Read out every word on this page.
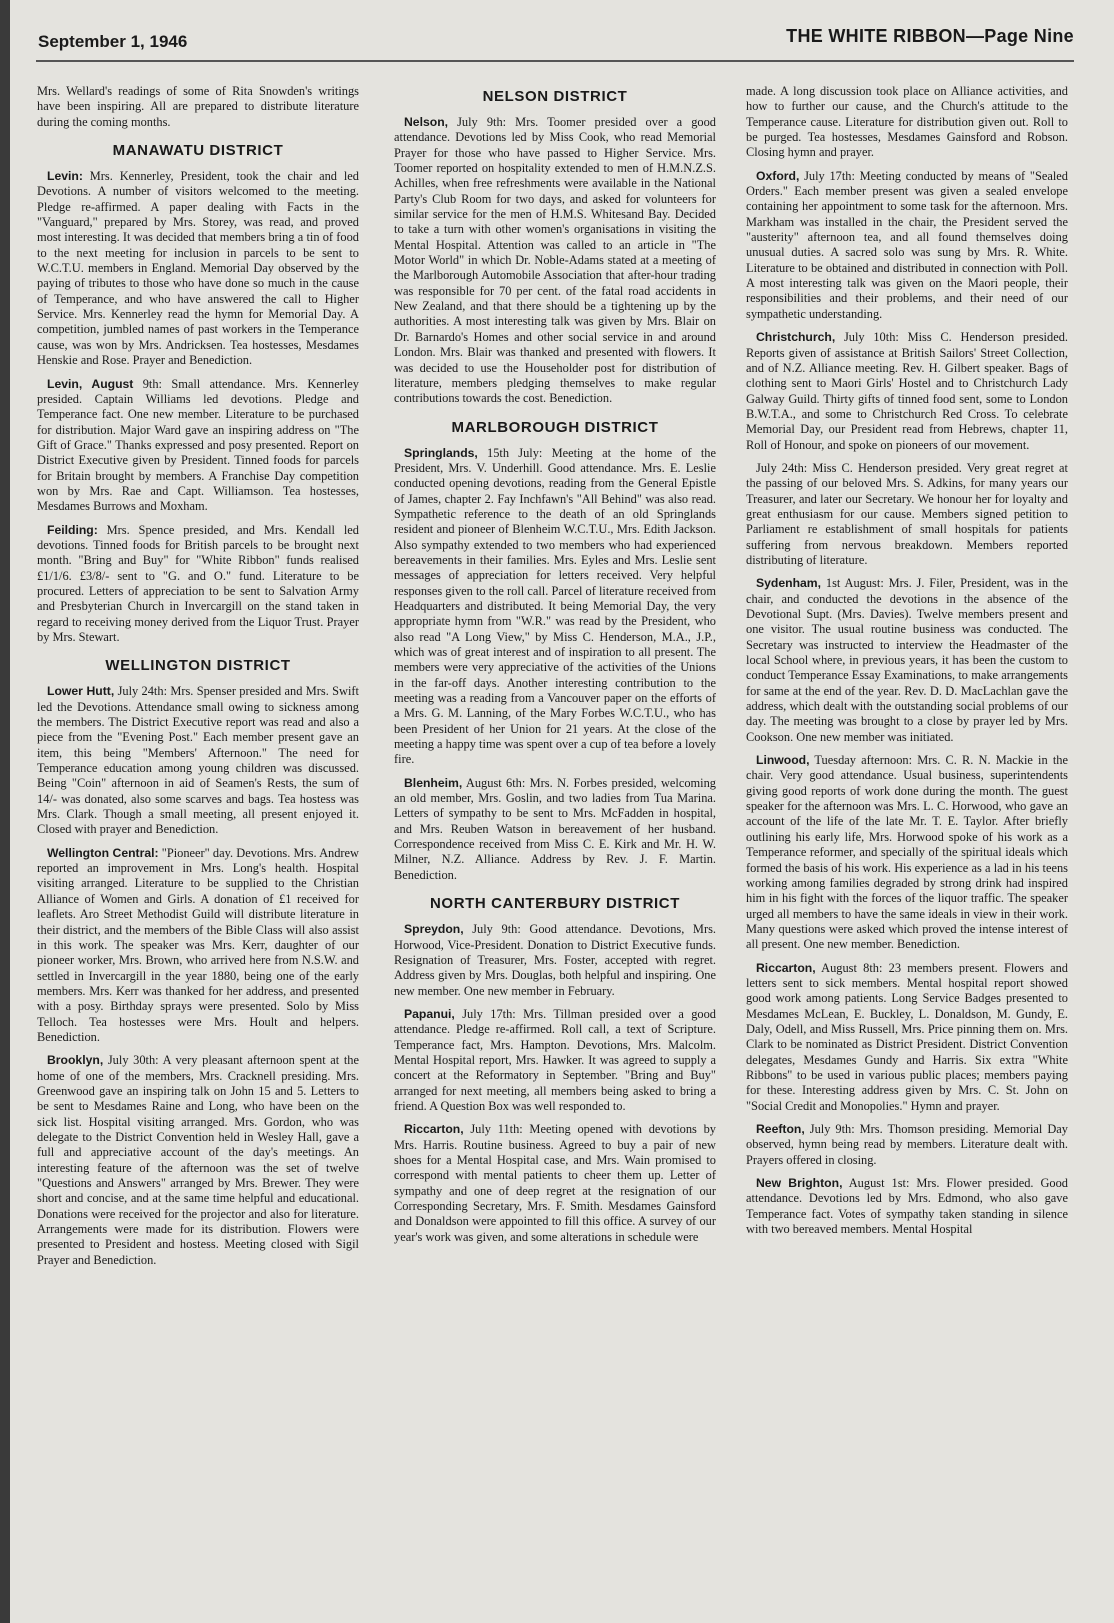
September 1, 1946	THE WHITE RIBBON—Page Nine

Mrs. Wellard's readings of some of Rita Snowden's writings have been inspiring. All are prepared to distribute literature during the coming months.

MANAWATU DISTRICT

Levin: Mrs. Kennerley, President, took the chair and led Devotions. A number of visitors welcomed to the meeting. Pledge re-affirmed. A paper dealing with Facts in the "Vanguard," prepared by Mrs. Storey, was read, and proved most interesting. It was decided that members bring a tin of food to the next meeting for inclusion in parcels to be sent to W.C.T.U. members in England. Memorial Day observed by the paying of tributes to those who have done so much in the cause of Temperance, and who have answered the call to Higher Service. Mrs. Kennerley read the hymn for Memorial Day. A competition, jumbled names of past workers in the Temperance cause, was won by Mrs. Andricksen. Tea hostesses, Mesdames Henskie and Rose. Prayer and Benediction.

Levin, August 9th: Small attendance. Mrs. Kennerley presided. Captain Williams led devotions. Pledge and Temperance fact. One new member. Literature to be purchased for distribution. Major Ward gave an inspiring address on "The Gift of Grace." Thanks expressed and posy presented. Report on District Executive given by President. Tinned foods for parcels for Britain brought by members. A Franchise Day competition won by Mrs. Rae and Capt. Williamson. Tea hostesses, Mesdames Burrows and Moxham.

Feilding: Mrs. Spence presided, and Mrs. Kendall led devotions. Tinned foods for British parcels to be brought next month. "Bring and Buy" for "White Ribbon" funds realised £1/1/6. £3/8/- sent to "G. and O." fund. Literature to be procured. Letters of appreciation to be sent to Salvation Army and Presbyterian Church in Invercargill on the stand taken in regard to receiving money derived from the Liquor Trust. Prayer by Mrs. Stewart.

WELLINGTON DISTRICT

Lower Hutt, July 24th: Mrs. Spenser presided and Mrs. Swift led the Devotions. Attendance small owing to sickness among the members. The District Executive report was read and also a piece from the "Evening Post." Each member present gave an item, this being "Members' Afternoon." The need for Temperance education among young children was discussed. Being "Coin" afternoon in aid of Seamen's Rests, the sum of 14/- was donated, also some scarves and bags. Tea hostess was Mrs. Clark. Though a small meeting, all present enjoyed it. Closed with prayer and Benediction.

Wellington Central: "Pioneer" day. Devotions. Mrs. Andrew reported an improvement in Mrs. Long's health. Hospital visiting arranged. Literature to be supplied to the Christian Alliance of Women and Girls. A donation of £1 received for leaflets. Aro Street Methodist Guild will distribute literature in their district, and the members of the Bible Class will also assist in this work. The speaker was Mrs. Kerr, daughter of our pioneer worker, Mrs. Brown, who arrived here from N.S.W. and settled in Invercargill in the year 1880, being one of the early members. Mrs. Kerr was thanked for her address, and presented with a posy. Birthday sprays were presented. Solo by Miss Telloch. Tea hostesses were Mrs. Hoult and helpers. Benediction.

Brooklyn, July 30th: A very pleasant afternoon spent at the home of one of the members, Mrs. Cracknell presiding. Mrs. Greenwood gave an inspiring talk on John 15 and 5. Letters to be sent to Mesdames Raine and Long, who have been on the sick list. Hospital visiting arranged. Mrs. Gordon, who was delegate to the District Convention held in Wesley Hall, gave a full and appreciative account of the day's meetings. An interesting feature of the afternoon was the set of twelve "Questions and Answers" arranged by Mrs. Brewer. They were short and concise, and at the same time helpful and educational. Donations were received for the projector and also for literature. Arrangements were made for its distribution. Flowers were presented to President and hostess. Meeting closed with Sigil Prayer and Benediction.

NELSON DISTRICT

Nelson, July 9th: Mrs. Toomer presided over a good attendance. Devotions led by Miss Cook, who read Memorial Prayer for those who have passed to Higher Service. Mrs. Toomer reported on hospitality extended to men of H.M.N.Z.S. Achilles, when free refreshments were available in the National Party's Club Room for two days, and asked for volunteers for similar service for the men of H.M.S. Whitesand Bay. Decided to take a turn with other women's organisations in visiting the Mental Hospital. Attention was called to an article in "The Motor World" in which Dr. Noble-Adams stated at a meeting of the Marlborough Automobile Association that after-hour trading was responsible for 70 per cent. of the fatal road accidents in New Zealand, and that there should be a tightening up by the authorities. A most interesting talk was given by Mrs. Blair on Dr. Barnardo's Homes and other social service in and around London. Mrs. Blair was thanked and presented with flowers. It was decided to use the Householder post for distribution of literature, members pledging themselves to make regular contributions towards the cost. Benediction.

MARLBOROUGH DISTRICT

Springlands, 15th July: Meeting at the home of the President, Mrs. V. Underhill. Good attendance. Mrs. E. Leslie conducted opening devotions, reading from the General Epistle of James, chapter 2. Fay Inchfawn's "All Behind" was also read. Sympathetic reference to the death of an old Springlands resident and pioneer of Blenheim W.C.T.U., Mrs. Edith Jackson. Also sympathy extended to two members who had experienced bereavements in their families. Mrs. Eyles and Mrs. Leslie sent messages of appreciation for letters received. Very helpful responses given to the roll call. Parcel of literature received from Headquarters and distributed. It being Memorial Day, the very appropriate hymn from "W.R." was read by the President, who also read "A Long View," by Miss C. Henderson, M.A., J.P., which was of great interest and of inspiration to all present. The members were very appreciative of the activities of the Unions in the far-off days. Another interesting contribution to the meeting was a reading from a Vancouver paper on the efforts of a Mrs. G. M. Lanning, of the Mary Forbes W.C.T.U., who has been President of her Union for 21 years. At the close of the meeting a happy time was spent over a cup of tea before a lovely fire.

Blenheim, August 6th: Mrs. N. Forbes presided, welcoming an old member, Mrs. Goslin, and two ladies from Tua Marina. Letters of sympathy to be sent to Mrs. McFadden in hospital, and Mrs. Reuben Watson in bereavement of her husband. Correspondence received from Miss C. E. Kirk and Mr. H. W. Milner, N.Z. Alliance. Address by Rev. J. F. Martin. Benediction.

NORTH CANTERBURY DISTRICT

Spreydon, July 9th: Good attendance. Devotions, Mrs. Horwood, Vice-President. Donation to District Executive funds. Resignation of Treasurer, Mrs. Foster, accepted with regret. Address given by Mrs. Douglas, both helpful and inspiring. One new member. One new member in February.

Papanui, July 17th: Mrs. Tillman presided over a good attendance. Pledge re-affirmed. Roll call, a text of Scripture. Temperance fact, Mrs. Hampton. Devotions, Mrs. Malcolm. Mental Hospital report, Mrs. Hawker. It was agreed to supply a concert at the Reformatory in September. "Bring and Buy" arranged for next meeting, all members being asked to bring a friend. A Question Box was well responded to.

Riccarton, July 11th: Meeting opened with devotions by Mrs. Harris. Routine business. Agreed to buy a pair of new shoes for a Mental Hospital case, and Mrs. Wain promised to correspond with mental patients to cheer them up. Letter of sympathy and one of deep regret at the resignation of our Corresponding Secretary, Mrs. F. Smith. Mesdames Gainsford and Donaldson were appointed to fill this office. A survey of our year's work was given, and some alterations in schedule were

made. A long discussion took place on Alliance activities, and how to further our cause, and the Church's attitude to the Temperance cause. Literature for distribution given out. Roll to be purged. Tea hostesses, Mesdames Gainsford and Robson. Closing hymn and prayer.

Oxford, July 17th: Meeting conducted by means of "Sealed Orders." Each member present was given a sealed envelope containing her appointment to some task for the afternoon. Mrs. Markham was installed in the chair, the President served the "austerity" afternoon tea, and all found themselves doing unusual duties. A sacred solo was sung by Mrs. R. White. Literature to be obtained and distributed in connection with Poll. A most interesting talk was given on the Maori people, their responsibilities and their problems, and their need of our sympathetic understanding.

Christchurch, July 10th: Miss C. Henderson presided. Reports given of assistance at British Sailors' Street Collection, and of N.Z. Alliance meeting. Rev. H. Gilbert speaker. Bags of clothing sent to Maori Girls' Hostel and to Christchurch Lady Galway Guild. Thirty gifts of tinned food sent, some to London B.W.T.A., and some to Christchurch Red Cross. To celebrate Memorial Day, our President read from Hebrews, chapter 11, Roll of Honour, and spoke on pioneers of our movement.

July 24th: Miss C. Henderson presided. Very great regret at the passing of our beloved Mrs. S. Adkins, for many years our Treasurer, and later our Secretary. We honour her for loyalty and great enthusiasm for our cause. Members signed petition to Parliament re establishment of small hospitals for patients suffering from nervous breakdown. Members reported distributing of literature.

Sydenham, 1st August: Mrs. J. Filer, President, was in the chair, and conducted the devotions in the absence of the Devotional Supt. (Mrs. Davies). Twelve members present and one visitor. The usual routine business was conducted. The Secretary was instructed to interview the Headmaster of the local School where, in previous years, it has been the custom to conduct Temperance Essay Examinations, to make arrangements for same at the end of the year. Rev. D. D. MacLachlan gave the address, which dealt with the outstanding social problems of our day. The meeting was brought to a close by prayer led by Mrs. Cookson. One new member was initiated.

Linwood, Tuesday afternoon: Mrs. C. R. N. Mackie in the chair. Very good attendance. Usual business, superintendents giving good reports of work done during the month. The guest speaker for the afternoon was Mrs. L. C. Horwood, who gave an account of the life of the late Mr. T. E. Taylor. After briefly outlining his early life, Mrs. Horwood spoke of his work as a Temperance reformer, and specially of the spiritual ideals which formed the basis of his work. His experience as a lad in his teens working among families degraded by strong drink had inspired him in his fight with the forces of the liquor traffic. The speaker urged all members to have the same ideals in view in their work. Many questions were asked which proved the intense interest of all present. One new member. Benediction.

Riccarton, August 8th: 23 members present. Flowers and letters sent to sick members. Mental hospital report showed good work among patients. Long Service Badges presented to Mesdames McLean, E. Buckley, L. Donaldson, M. Gundy, E. Daly, Odell, and Miss Russell, Mrs. Price pinning them on. Mrs. Clark to be nominated as District President. District Convention delegates, Mesdames Gundy and Harris. Six extra "White Ribbons" to be used in various public places; members paying for these. Interesting address given by Mrs. C. St. John on "Social Credit and Monopolies." Hymn and prayer.

Reefton, July 9th: Mrs. Thomson presiding. Memorial Day observed, hymn being read by members. Literature dealt with. Prayers offered in closing.

New Brighton, August 1st: Mrs. Flower presided. Good attendance. Devotions led by Mrs. Edmond, who also gave Temperance fact. Votes of sympathy taken standing in silence with two bereaved members. Mental Hospital
